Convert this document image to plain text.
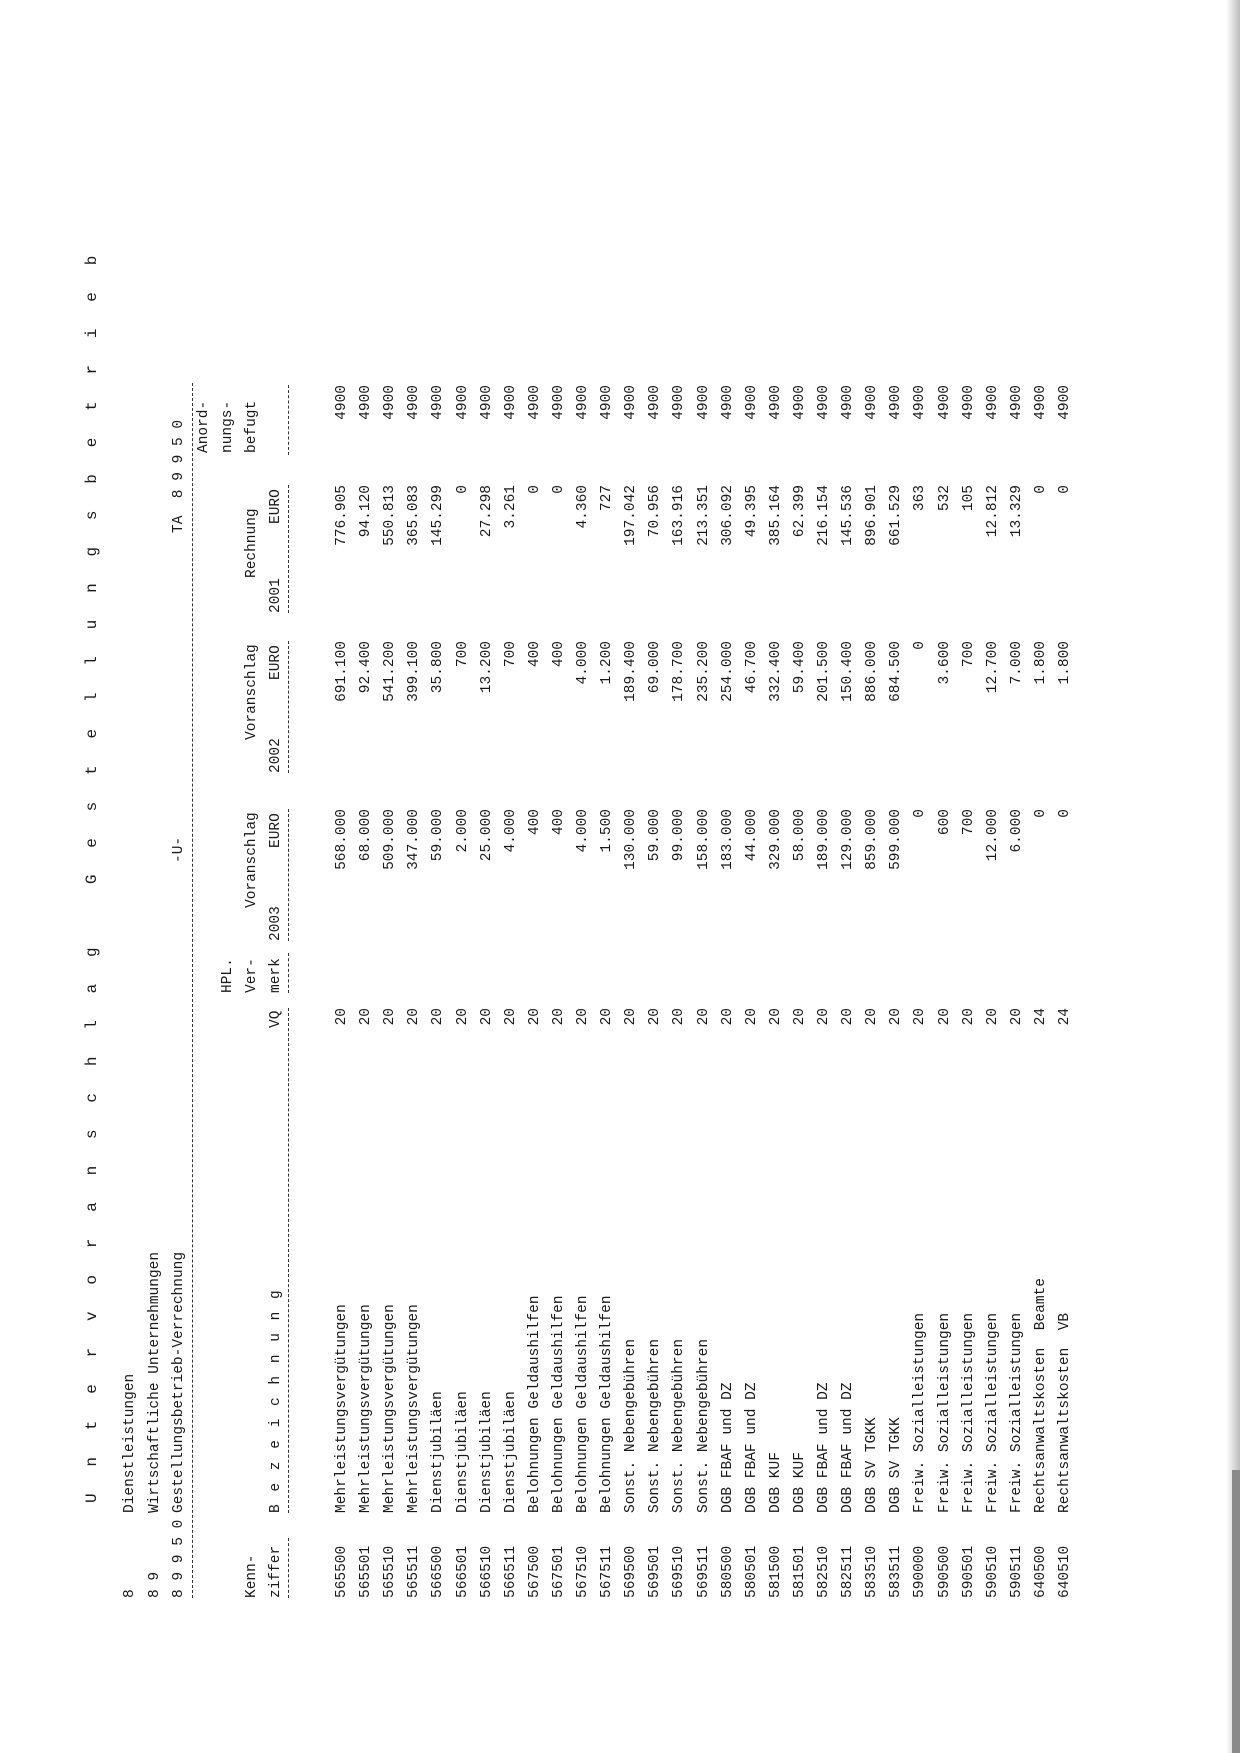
U n t e r v o r a n s c h l a g   G e s t e l l u n g s b e t r i e b
8
Dienstleistungen
8 9
Wirtschaftliche Unternehmungen
8 9 9 5 0
Gestellungsbetrieb-Verrechnung
-U-
TA  8 9 9 5 0 Anord-
HPL.
nungs-
Kenn-
Ver-
Voranschlag
Voranschlag
Rechnung
befugt
ziffer
B e z e i c h n u n g
VQ
merk
2003
EURO
2002
EURO
2001
EURO
565500
Mehrleistungsvergütungen
20
568.000
691.100
776.905
4900
565501
Mehrleistungsvergütungen
20
68.000
92.400
94.120
4900
565510
Mehrleistungsvergütungen
20
509.000
541.200
550.813
4900
565511
Mehrleistungsvergütungen
20
347.000
399.100
365.083
4900
566500
Dienstjubiläen
20
59.000
35.800
145.299
4900
566501
Dienstjubiläen
20
2.000
700
0
4900
566510
Dienstjubiläen
20
25.000
13.200
27.298
4900
566511
Dienstjubiläen
20
4.000
700
3.261
4900
567500
Belohnungen Geldaushilfen
20
400
400
0
4900
567501
Belohnungen Geldaushilfen
20
400
400
0
4900
567510
Belohnungen Geldaushilfen
20
4.000
4.000
4.360
4900
567511
Belohnungen Geldaushilfen
20
1.500
1.200
727
4900
569500
Sonst. Nebengebühren
20
130.000
189.400
197.042
4900
569501
Sonst. Nebengebühren
20
59.000
69.000
70.956
4900
569510
Sonst. Nebengebühren
20
99.000
178.700
163.916
4900
569511
Sonst. Nebengebühren
20
158.000
235.200
213.351
4900
580500
DGB FBAF und DZ
20
183.000
254.000
306.092
4900
580501
DGB FBAF und DZ
20
44.000
46.700
49.395
4900
581500
DGB KUF
20
329.000
332.400
385.164
4900
581501
DGB KUF
20
58.000
59.400
62.399
4900
582510
DGB FBAF und DZ
20
189.000
201.500
216.154
4900
582511
DGB FBAF und DZ
20
129.000
150.400
145.536
4900
583510
DGB SV TGKK
20
859.000
886.000
896.901
4900
583511
DGB SV TGKK
20
599.000
684.500
661.529
4900
590000
Freiw. Sozialleistungen
20
0
0
363
4900
590500
Freiw. Sozialleistungen
20
600
3.600
532
4900
590501
Freiw. Sozialleistungen
20
700
700
105
4900
590510
Freiw. Sozialleistungen
20
12.000
12.700
12.812
4900
590511
Freiw. Sozialleistungen
20
6.000
7.000
13.329
4900
640500
Rechtsanwaltskosten  Beamte
24
0
1.800
0
4900
640510
Rechtsanwaltskosten  VB
24
0
1.800
0
4900
